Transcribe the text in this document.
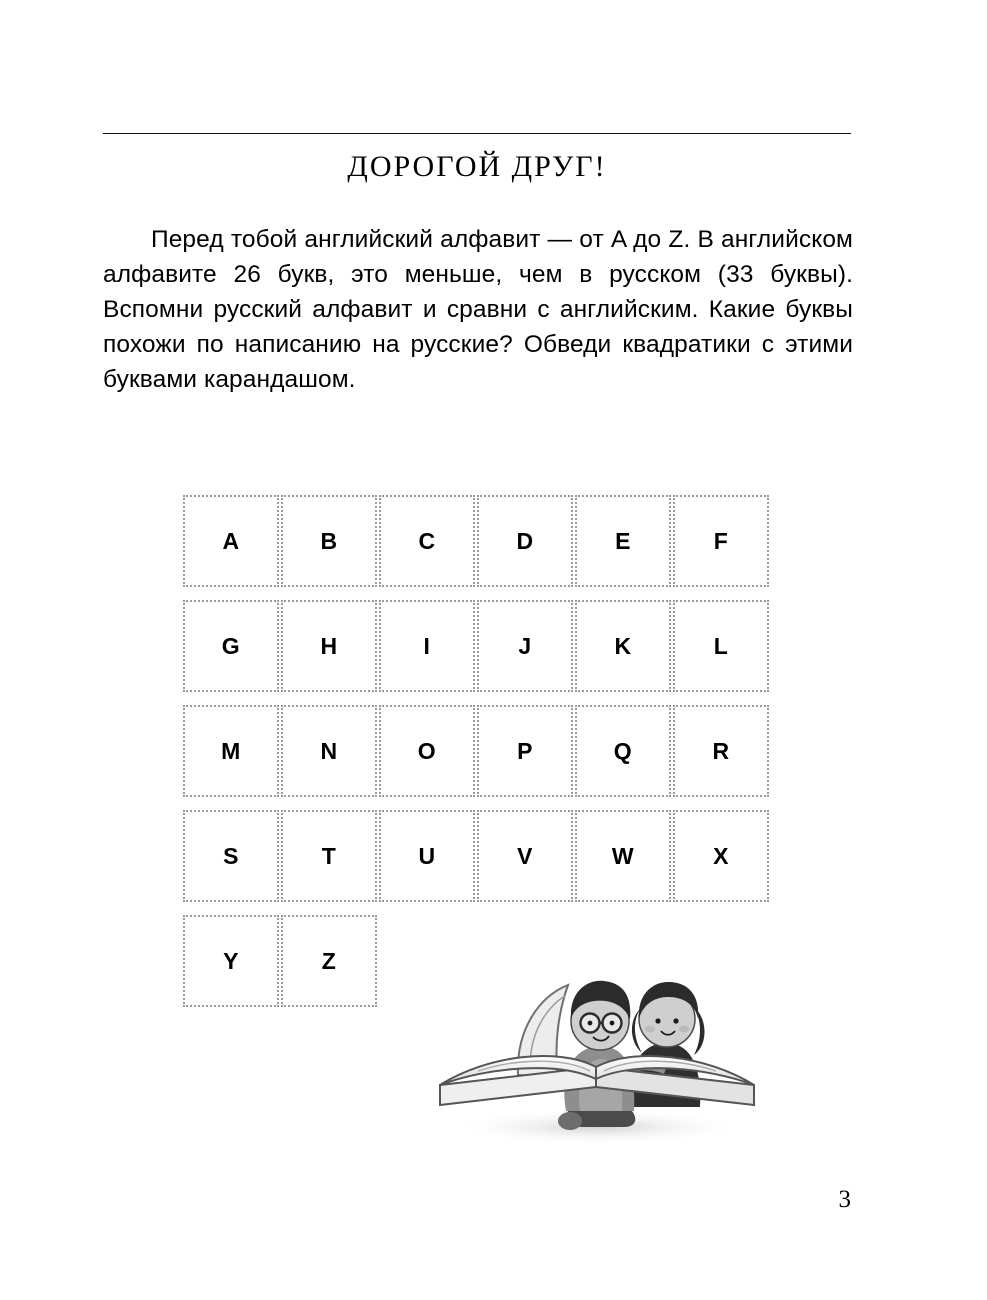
ДОРОГОЙ ДРУГ!
Перед тобой английский алфавит — от A до Z. В английском алфавите 26 букв, это меньше, чем в русском (33 буквы). Вспомни русский алфавит и сравни с английским. Какие буквы похожи по написанию на русские? Обведи квадратики с этими буквами карандашом.
A	B	C	D	E	F
G	H	I	J	K	L
M	N	O	P	Q	R
S	T	U	V	W	X
Y	Z
3
